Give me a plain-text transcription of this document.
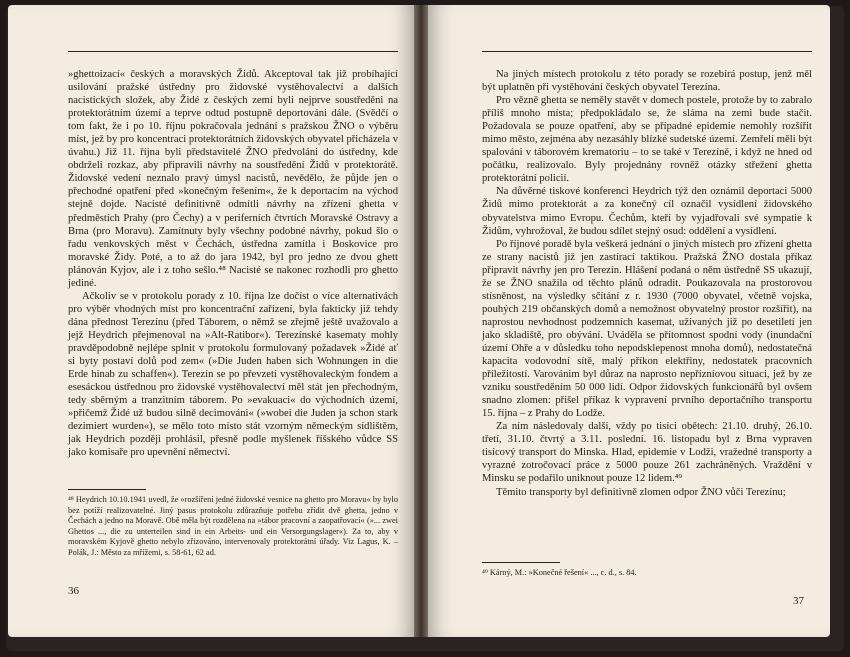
»ghettoizací« českých a moravských Židů. Akceptoval tak již probíhající usilování pražské ústředny pro židovské vystěhovalectví a dalších nacistických složek, aby Židé z českých zemí byli nejprve soustředěni na protektorátním území a teprve odtud postupně deportováni dále. (Svědčí o tom fakt, že i po 10. říjnu pokračovala jednání s pražskou ŽNO o výběru míst, jež by pro koncentraci protektorátních židovských obyvatel přicházela v úvahu.) Již 11. října byli představitelé ŽNO předvoláni do ústředny, kde obdrželi rozkaz, aby připravili návrhy na soustředění Židů v protektorátě. Židovské vedení neznalo pravý úmysl nacistů, nevědělo, že půjde jen o přechodné opatření před »konečným řešením«, že k deportacím na východ stejně dojde. Nacisté definitivně odmítli návrhy na zřízení ghetta v předměstích Prahy (pro Čechy) a v periferních čtvrtích Moravské Ostravy a Brna (pro Moravu). Zamítnuty byly všechny podobné návrhy, pokud šlo o řadu venkovských měst v Čechách, ústředna zamítla i Boskovice pro moravské Židy. Poté, a to až do jara 1942, byl pro jedno ze dvou ghett plánován Kyjov, ale i z toho sešlo.⁴⁸ Nacisté se nakonec rozhodli pro ghetto jediné.

Ačkoliv se v protokolu porady z 10. října lze dočíst o více alternativách pro výběr vhodných míst pro koncentrační zařízení, byla fakticky již tehdy dána přednost Terezínu (před Táborem, o němž se zřejmě ještě uvažovalo a jejž Heydrich přejmenoval na »Alt-Ratibor«). Terezínské kasematy mohly pravděpodobně nejlépe splnit v protokolu formulovaný požadavek »Židé ať si byty postaví dolů pod zem« (»Die Juden haben sich Wohnungen in die Erde hinab zu schaffen«). Terezín se po převzetí vystěhovaleckým fondem a esesáckou ústřednou pro židovské vystěhovalectví měl stát jen přechodným, tedy sběrným a tranzitním táborem. Po »evakuaci« do východních území, »přičemž Židé už budou silně decimováni« (»wobei die Juden ja schon stark dezimiert wurden«), se mělo toto místo stát vzorným německým sídlištěm, jak Heydrich později prohlásil, přesně podle myšlenek říšského vůdce SS jako komisaře pro upevnění němectví.

⁴⁸ Heydrich 10.10.1941 uvedl, že »rozšíření jedné židovské vesnice na ghetto pro Moravu« by bylo bez potíží realizovatelné. Jiný pasus protokolu zdůrazňuje potřebu zřídit dvě ghetta, jedno v Čechách a jedno na Moravě. Obě měla být rozdělena na »tábor pracovní a zaopatřovací« (»... zwei Ghettos ..., die zu unterteilen sind in ein Arbeits- und ein Versorgungslager«). Za to, aby v moravském Kyjově ghetto nebylo zřizováno, intervenovaly protektorátní úřady. Viz Lagus, K. – Polák, J.: Město za mřížemi, s. 58-61, 62 ad.

36

Na jiných místech protokolu z této porady se rozebírá postup, jenž měl být uplatněn při vystěhování českých obyvatel Terezína.

Pro vězně ghetta se neměly stavět v domech postele, protože by to zabralo příliš mnoho místa; předpokládalo se, že sláma na zemi bude stačit. Požadovala se pouze opatření, aby se případné epidemie nemohly rozšířit mimo město, zejména aby nezasáhly blízké sudetské území. Zemřelí měli být spalováni v táborovém krematoriu – to se také v Terezíně, i když ne hned od počátku, realizovalo. Byly projednány rovněž otázky střežení ghetta protektorátní policií.

Na důvěrné tiskové konferenci Heydrich týž den oznámil deportaci 5000 Židů mimo protektorát a za konečný cíl označil vysídlení židovského obyvatelstva mimo Evropu. Čechům, kteří by vyjadřovali své sympatie k Židům, vyhrožoval, že budou sdílet stejný osud: oddělení a vysídlení.

Po říjnové poradě byla veškerá jednání o jiných místech pro zřízení ghetta ze strany nacistů již jen zastírací taktikou. Pražská ŽNO dostala příkaz připravit návrhy jen pro Terezín. Hlášení podaná o něm ústředně SS ukazují, že se ŽNO snažila od těchto plánů odradit. Poukazovala na prostorovou stísněnost, na výsledky sčítání z r. 1930 (7000 obyvatel, včetně vojska, pouhých 219 občanských domů a nemožnost obyvatelný prostor rozšířit), na naprostou nevhodnost podzemních kasemat, užívaných již po desetiletí jen jako skladiště, pro obývání. Uváděla se přítomnost spodní vody (inundační území Ohře a v důsledku toho nepodsklepenost mnoha domů), nedostatečná kapacita vodovodní sítě, malý příkon elektřiny, nedostatek pracovních příležitostí. Varovánim byl důraz na naprosto nepřízníovou situaci, jež by ze vzniku soustředěním 50 000 lidí. Odpor židovských funkcionářů byl ovšem snadno zlomen: přišel příkaz k vypravení prvního deportačního transportu 15. října – z Prahy do Lodže.

Za ním následovaly další, vždy po tisíci obětech: 21.10. druhý, 26.10. třetí, 31.10. čtvrtý a 3.11. poslední. 16. listopadu byl z Brna vypraven tisícový transport do Minska. Hlad, epidemie v Lodži, vražedné transporty a vyrazné zotročovací práce z 5000 pouze 261 zachráněných. Vraždění v Minsku se podařilo uniknout pouze 12 lidem.⁴⁹

Těmito transporty byl definitivně zlomen odpor ŽNO vůči Terezínu;

⁴⁹ Kárný, M.: »Konečné řešení« ..., c. d., s. 84.

37
